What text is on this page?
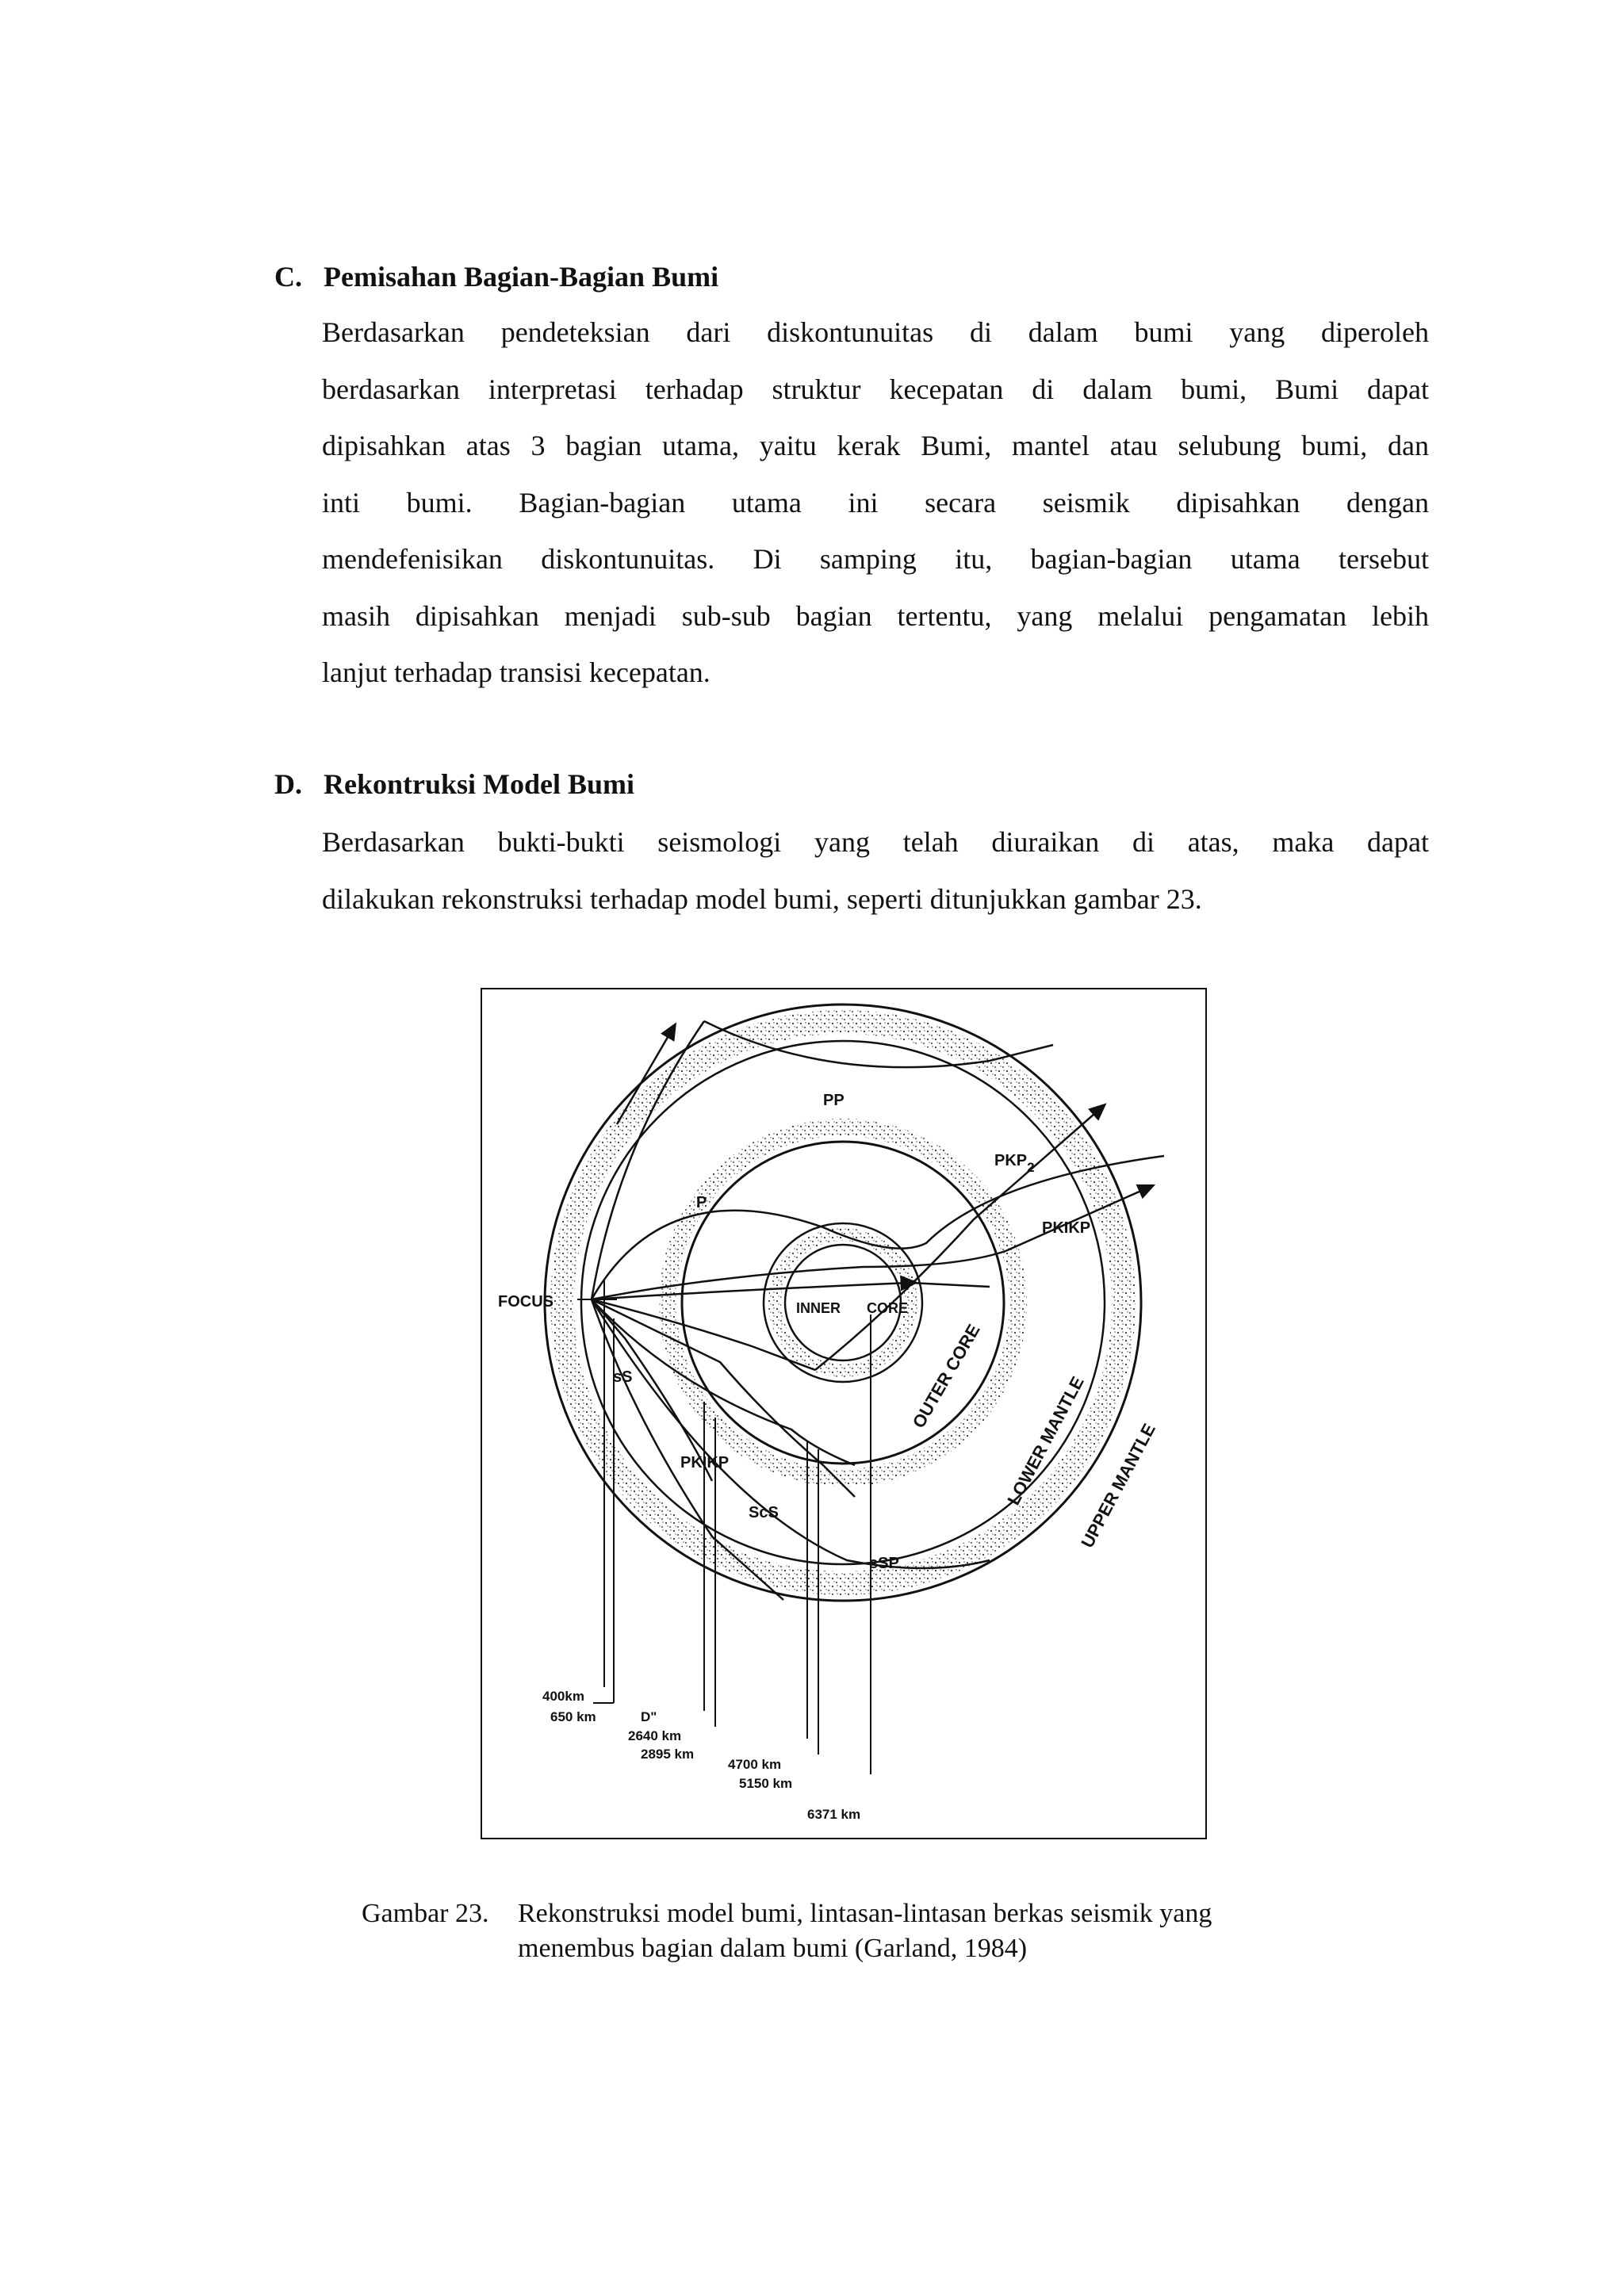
C. Pemisahan Bagian-Bagian Bumi
Berdasarkan pendeteksian dari diskontunuitas di dalam bumi yang diperoleh
berdasarkan interpretasi terhadap struktur kecepatan di dalam bumi, Bumi dapat
dipisahkan atas 3 bagian utama, yaitu kerak Bumi, mantel atau selubung bumi, dan
inti bumi. Bagian-bagian utama ini secara seismik dipisahkan dengan
mendefenisikan diskontunuitas. Di samping itu, bagian-bagian utama tersebut
masih dipisahkan menjadi sub-sub bagian tertentu, yang melalui pengamatan lebih
lanjut terhadap transisi kecepatan.
D. Rekontruksi Model Bumi
Berdasarkan bukti-bukti seismologi yang telah diuraikan di atas, maka dapat
dilakukan rekonstruksi terhadap model bumi, seperti ditunjukkan gambar 23.
PP
P
$PKP_2$
PKIKP
FOCUS	INNER CORE
OUTER CORE LOWER MANTLE
UPPER MANTLE
sS
PKIKP
ScS
sSP
400km
650 km	D"
2640 km
2895 km
4700 km
5150 km
6371 km
Gambar 23. Rekonstruksi model bumi, lintasan-lintasan berkas seismik yang
menembus bagian dalam bumi (Garland, 1984)
